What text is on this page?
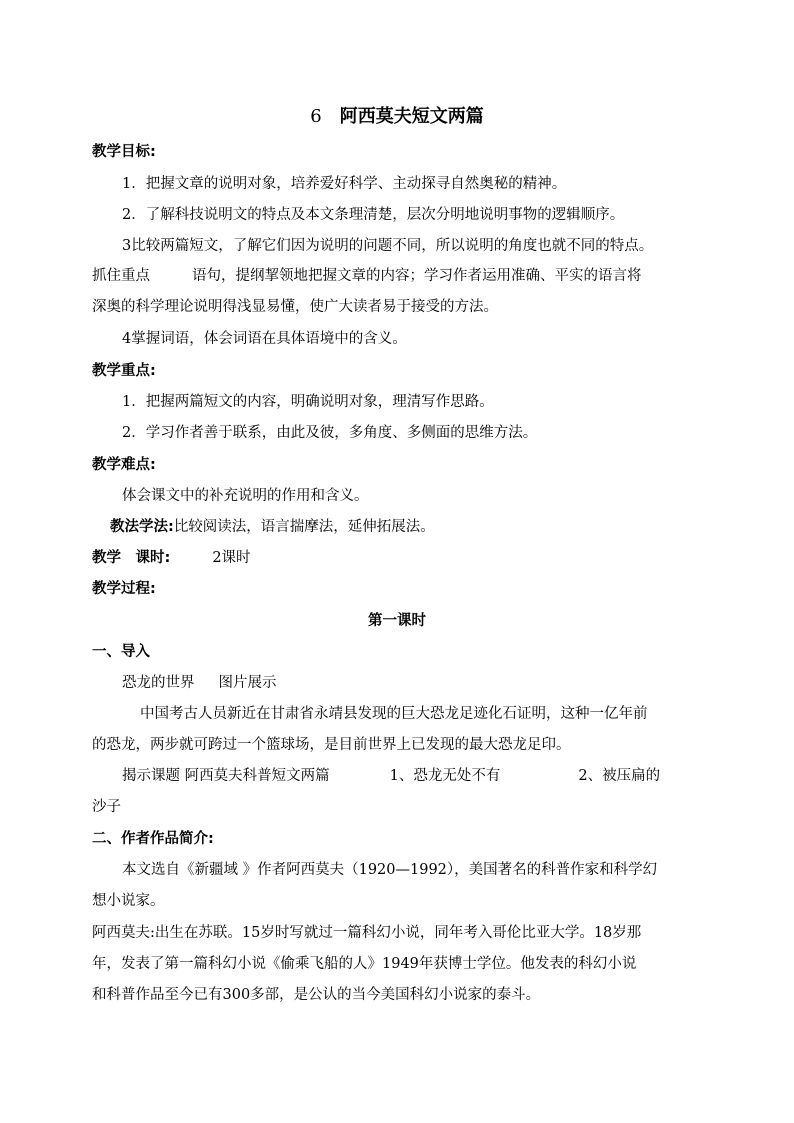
6 阿西莫夫短文两篇
教学目标:
1．把握文章的说明对象，培养爱好科学、主动探寻自然奥秘的精神。
2．了解科技说明文的特点及本文条理清楚，层次分明地说明事物的逻辑顺序。
3比较两篇短文，了解它们因为说明的问题不同，所以说明的角度也就不同的特点。
抓住重点	语句，提纲挈领地把握文章的内容；学习作者运用准确、平实的语言将
深奥的科学理论说明得浅显易懂，使广大读者易于接受的方法。
4掌握词语，体会词语在具体语境中的含义。
教学重点:
1．把握两篇短文的内容，明确说明对象，理清写作思路。
2．学习作者善于联系，由此及彼，多角度、多侧面的思维方法。
教学难点:
体会课文中的补充说明的作用和含义。
教法学法:比较阅读法，语言揣摩法，延伸拓展法。
教学　课时:	2课时
教学过程:
第一课时
一、导入
恐龙的世界 图片展示
中国考古人员新近在甘肃省永靖县发现的巨大恐龙足迹化石证明，这种一亿年前
的恐龙，两步就可跨过一个篮球场，是目前世界上已发现的最大恐龙足印。
揭示课题 阿西莫夫科普短文两篇	1、恐龙无处不有	2、被压扁的
沙子
二、作者作品简介:
本文选自《新疆域 》作者阿西莫夫（1920—1992），美国著名的科普作家和科学幻
想小说家。
阿西莫夫:出生在苏联。15岁时写就过一篇科幻小说，同年考入哥伦比亚大学。18岁那
年，发表了第一篇科幻小说《偷乘飞船的人》1949年获博士学位。他发表的科幻小说
和科普作品至今已有300多部，是公认的当今美国科幻小说家的泰斗。
